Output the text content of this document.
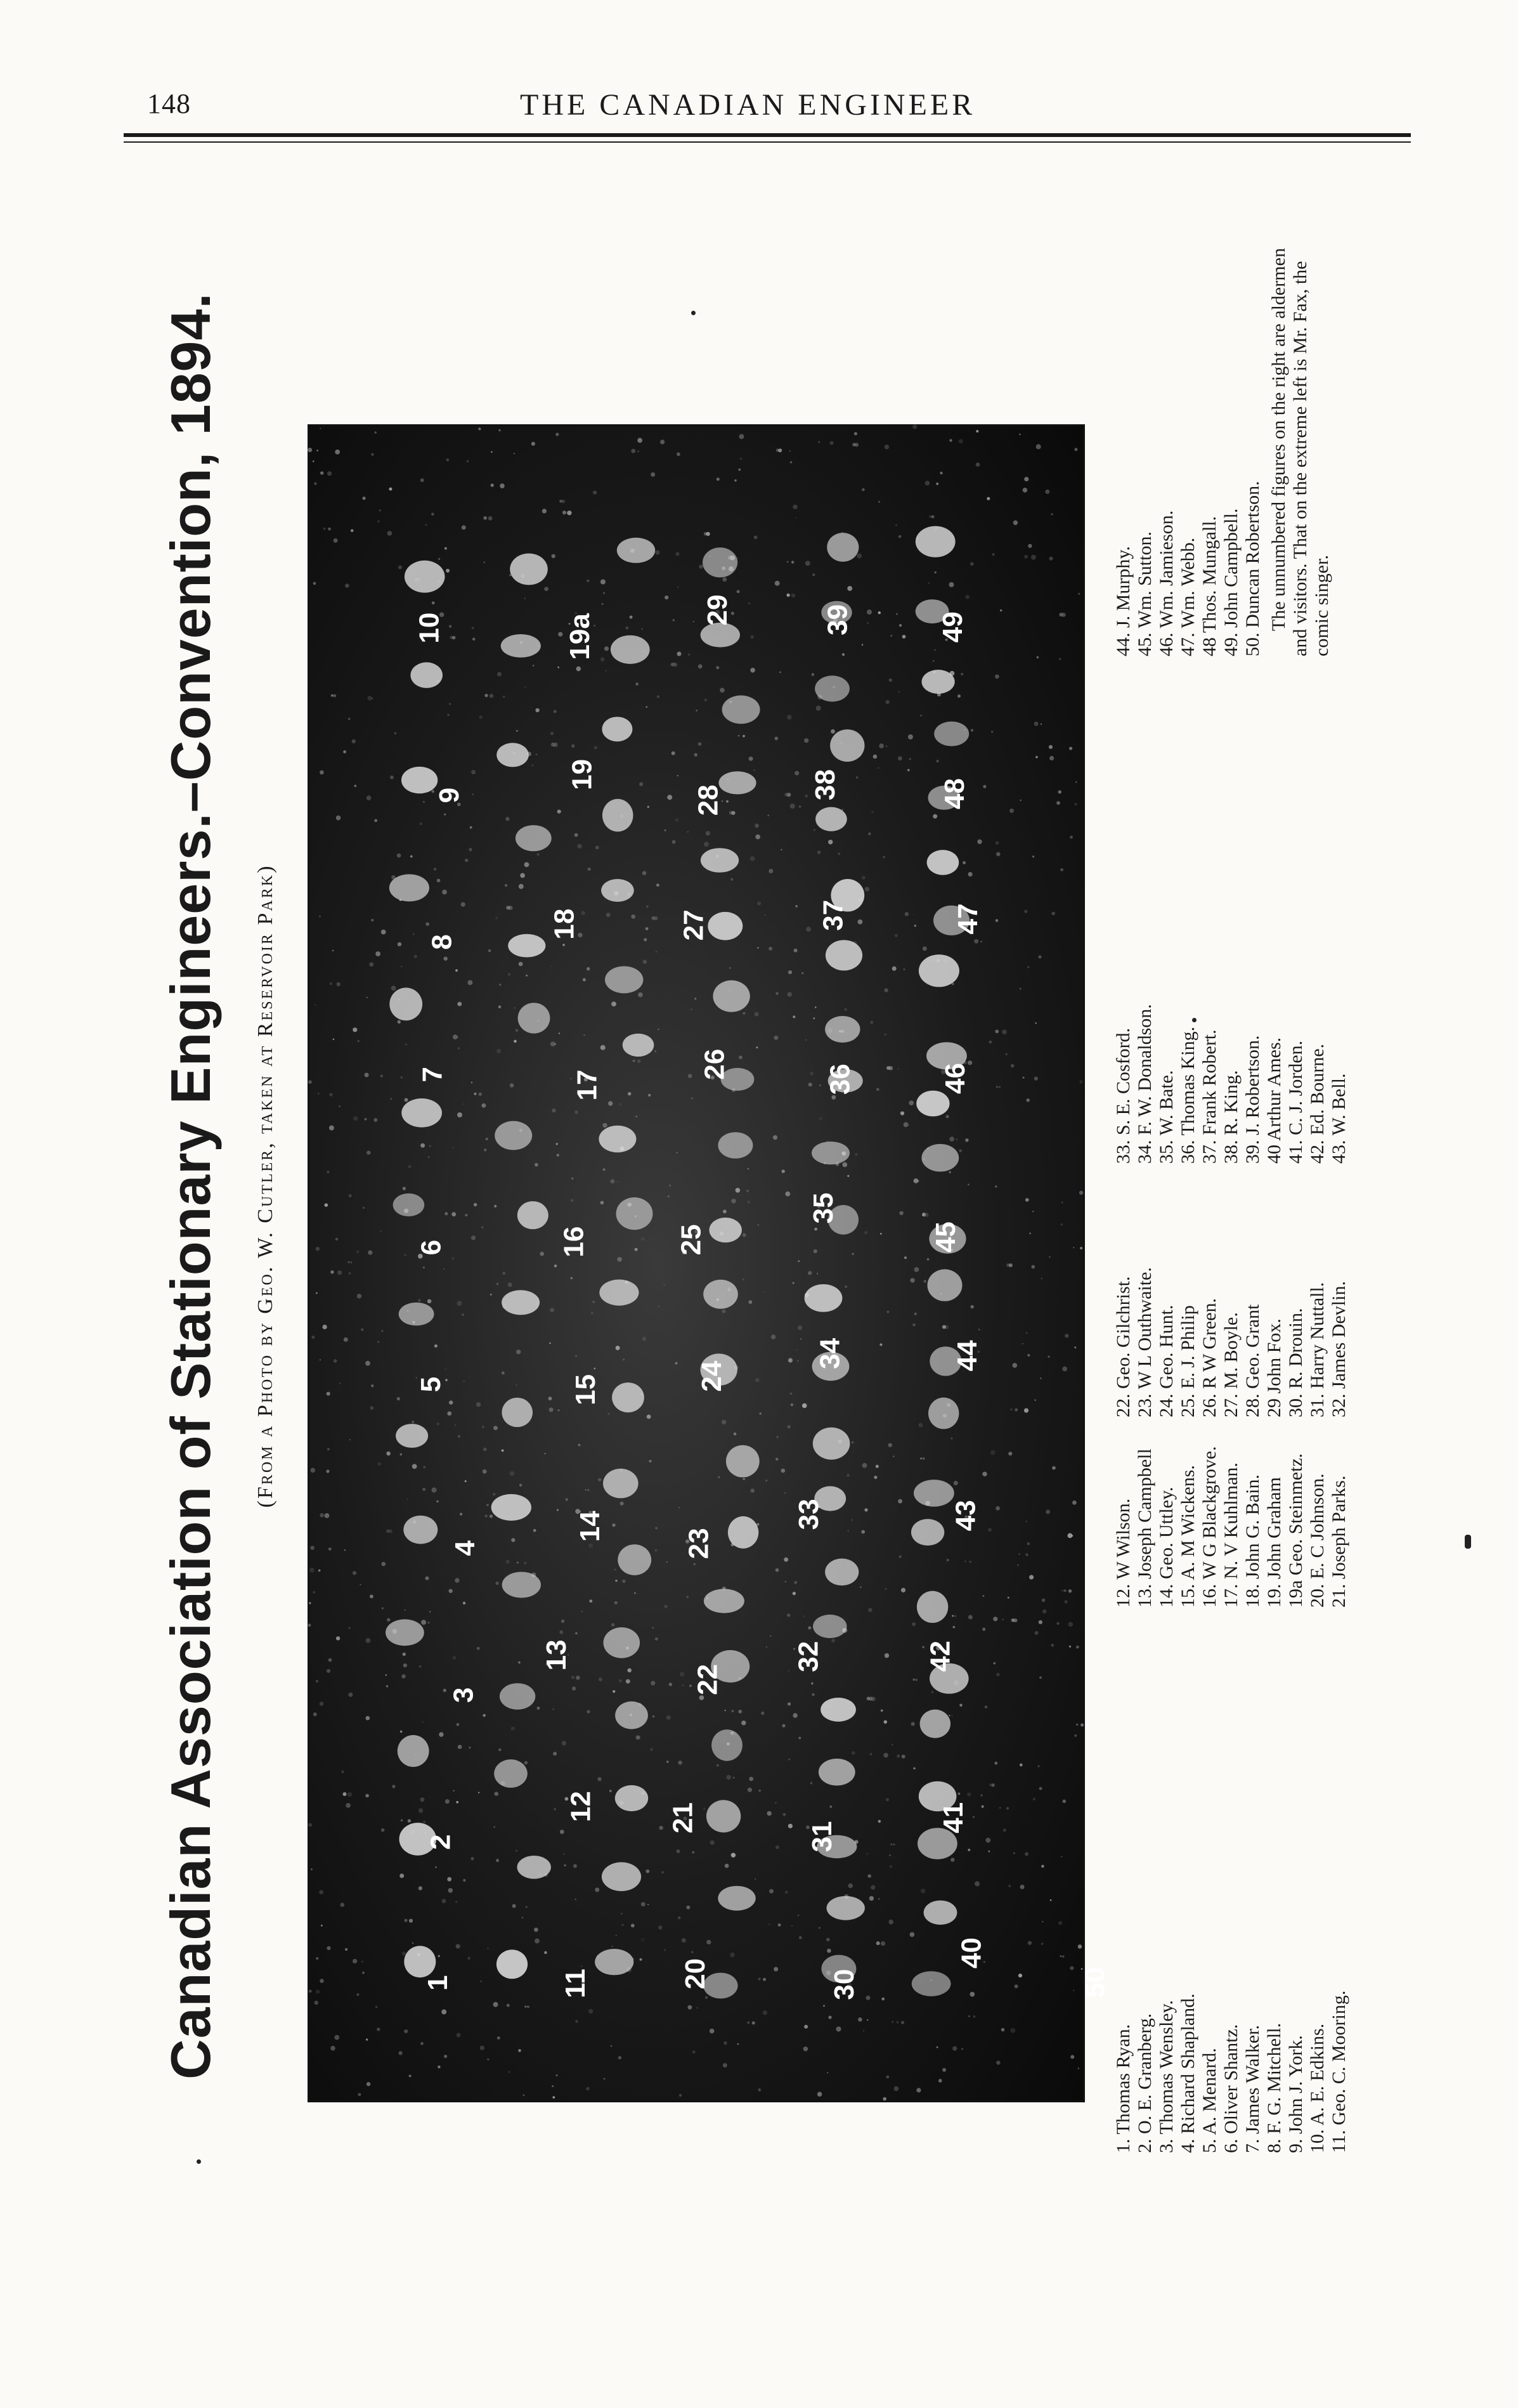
148	THE CANADIAN ENGINEER
Canadian Association of Stationary Engineers.–Convention, 1894. (From a Photo by Geo. W. Cutler, taken at Reservoir Park)
1
2
3
4
5
6
7
8
9
10
11
12
13
14
15
16
17
18
19
19a
20
21
22
23
24
25
26
27
28
29
30
31
32
33
34
35
36
37
38
39
40
41
42
43
44
45
46
47
48
49
50
1. Thomas Ryan. 2. O. E. Granberg. 3. Thomas Wensley. 4. Richard Shapland. 5. A. Menard. 6. Oliver Shantz. 7. James Walker. 8. F. G. Mitchell. 9. John J. York. 10. A. E. Edkins. 11. Geo. C. Mooring.
12. W Wilson. 13. Joseph Campbell 14. Geo. Uttley. 15. A. M Wickens. 16. W G Blackgrove. 17. N. V Kuhlman. 18. John G. Bain. 19. John Graham 19a Geo. Steinmetz. 20. E. C Johnson. 21. Joseph Parks.
22. Geo. Gilchrist. 23. W L Outhwaite. 24. Geo. Hunt. 25. E. J. Philip 26. R W Green. 27. M. Boyle. 28. Geo. Grant 29 John Fox. 30. R. Drouin. 31. Harry Nuttall. 32. James Devlin.
33. S. E. Cosford. 34. F. W. Donaldson. 35. W. Bate. 36. Thomas King. 37. Frank Robert. 38. R. King. 39. J. Robertson. 40 Arthur Ames. 41. C. J. Jorden. 42. Ed. Bourne. 43. W. Bell.
44. J. Murphy. 45. Wm. Sutton. 46. Wm. Jamieson. 47. Wm. Webb. 48 Thos. Mungall. 49. John Campbell. 50. Duncan Robertson. The unnumbered figures on the right are aldermen and visitors. That on the extreme left is Mr. Fax, the comic singer.
